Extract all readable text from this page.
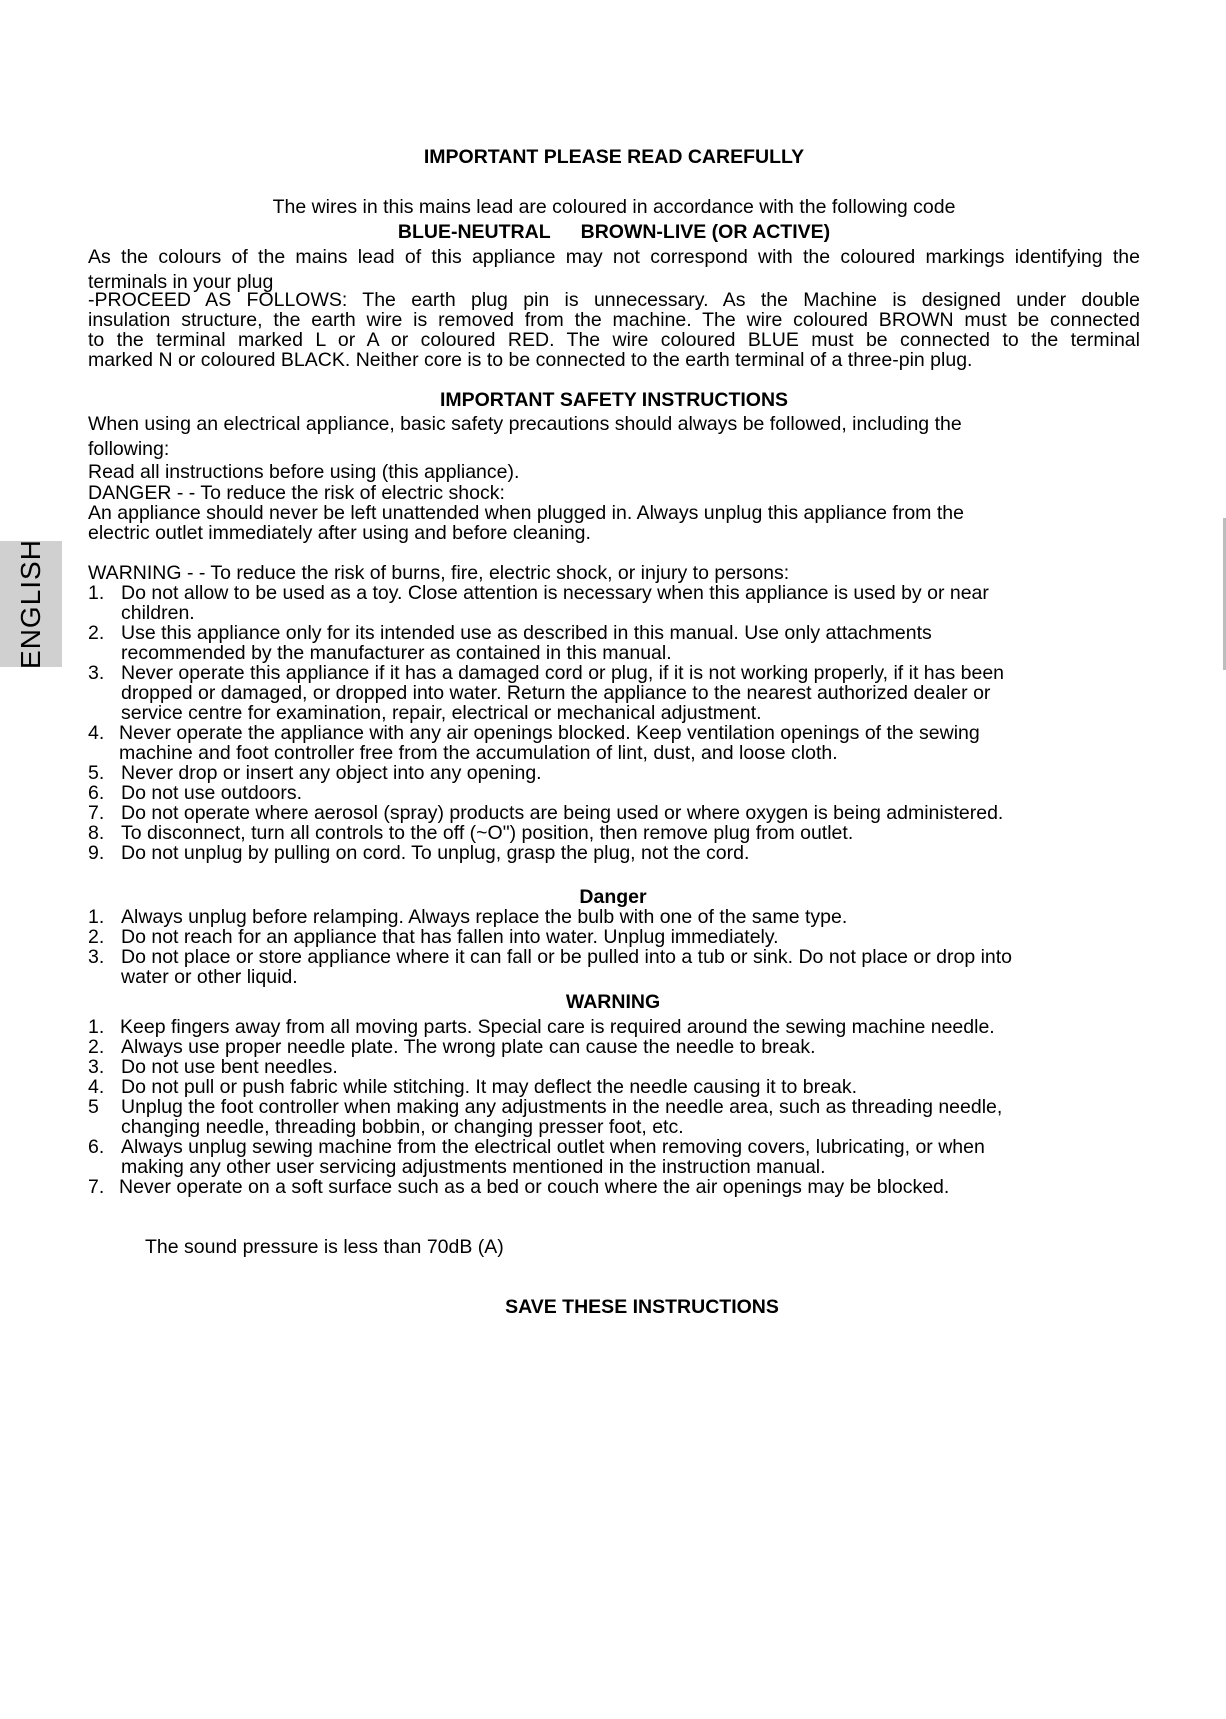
ENGLISH
IMPORTANT PLEASE READ CAREFULLY
The wires in this mains lead are coloured in accordance with the following code
BLUE-NEUTRAL BROWN-LIVE (OR ACTIVE)
As the colours of the mains lead of this appliance may not correspond with the coloured markings identifying the
terminals in your plug
-PROCEED AS FOLLOWS: The earth plug pin is unnecessary. As the Machine is designed under double
insulation structure, the earth wire is removed from the machine. The wire coloured BROWN must be connected
to the terminal marked L or A or coloured RED. The wire coloured BLUE must be connected to the terminal
marked N or coloured BLACK. Neither core is to be connected to the earth terminal of a three-pin plug.
IMPORTANT SAFETY INSTRUCTIONS
When using an electrical appliance, basic safety precautions should always be followed, including the
following:
Read all instructions before using (this appliance).
DANGER - - To reduce the risk of electric shock:
An appliance should never be left unattended when plugged in. Always unplug this appliance from the
electric outlet immediately after using and before cleaning.
WARNING - - To reduce the risk of burns, fire, electric shock, or injury to persons:
1. Do not allow to be used as a toy. Close attention is necessary when this appliance is used by or near
children.
2. Use this appliance only for its intended use as described in this manual. Use only attachments
recommended by the manufacturer as contained in this manual.
3. Never operate this appliance if it has a damaged cord or plug, if it is not working properly, if it has been
dropped or damaged, or dropped into water. Return the appliance to the nearest authorized dealer or
service centre for examination, repair, electrical or mechanical adjustment.
4. Never operate the appliance with any air openings blocked. Keep ventilation openings of the sewing
machine and foot controller free from the accumulation of lint, dust, and loose cloth.
5. Never drop or insert any object into any opening.
6. Do not use outdoors.
7. Do not operate where aerosol (spray) products are being used or where oxygen is being administered.
8. To disconnect, turn all controls to the off (~O") position, then remove plug from outlet.
9. Do not unplug by pulling on cord. To unplug, grasp the plug, not the cord.
Danger
1. Always unplug before relamping. Always replace the bulb with one of the same type.
2. Do not reach for an appliance that has fallen into water. Unplug immediately.
3. Do not place or store appliance where it can fall or be pulled into a tub or sink. Do not place or drop into
water or other liquid.
WARNING
1. Keep fingers away from all moving parts. Special care is required around the sewing machine needle.
2. Always use proper needle plate. The wrong plate can cause the needle to break.
3. Do not use bent needles.
4. Do not pull or push fabric while stitching. It may deflect the needle causing it to break.
5 Unplug the foot controller when making any adjustments in the needle area, such as threading needle,
changing needle, threading bobbin, or changing presser foot, etc.
6. Always unplug sewing machine from the electrical outlet when removing covers, lubricating, or when
making any other user servicing adjustments mentioned in the instruction manual.
7. Never operate on a soft surface such as a bed or couch where the air openings may be blocked.
The sound pressure is less than 70dB (A)
SAVE THESE INSTRUCTIONS
